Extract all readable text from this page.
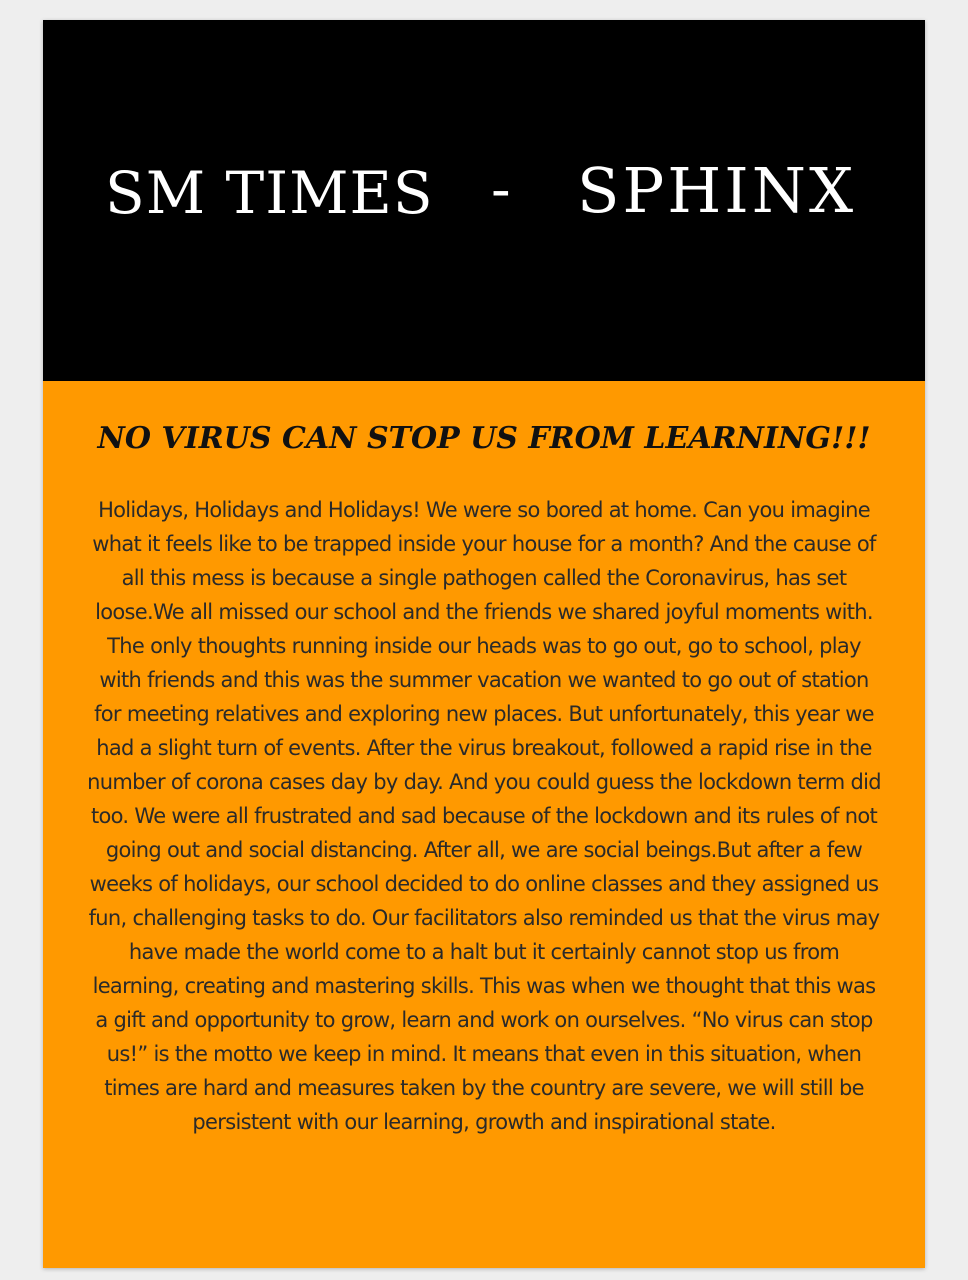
SM TIMES - SPHINX
NO VIRUS CAN STOP US FROM LEARNING!!!

Holidays, Holidays and Holidays! We were so bored at home. Can you imagine what it feels like to be trapped inside your house for a month? And the cause of all this mess is because a single pathogen called the Coronavirus, has set loose.We all missed our school and the friends we shared joyful moments with. The only thoughts running inside our heads was to go out, go to school, play with friends and this was the summer vacation we wanted to go out of station for meeting relatives and exploring new places. But unfortunately, this year we had a slight turn of events. After the virus breakout, followed a rapid rise in the number of corona cases day by day. And you could guess the lockdown term did too. We were all frustrated and sad because of the lockdown and its rules of not going out and social distancing. After all, we are social beings.But after a few weeks of holidays, our school decided to do online classes and they assigned us fun, challenging tasks to do. Our facilitators also reminded us that the virus may have made the world come to a halt but it certainly cannot stop us from learning, creating and mastering skills. This was when we thought that this was a gift and opportunity to grow, learn and work on ourselves. “No virus can stop us!” is the motto we keep in mind. It means that even in this situation, when times are hard and measures taken by the country are severe, we will still be persistent with our learning, growth and inspirational state.
